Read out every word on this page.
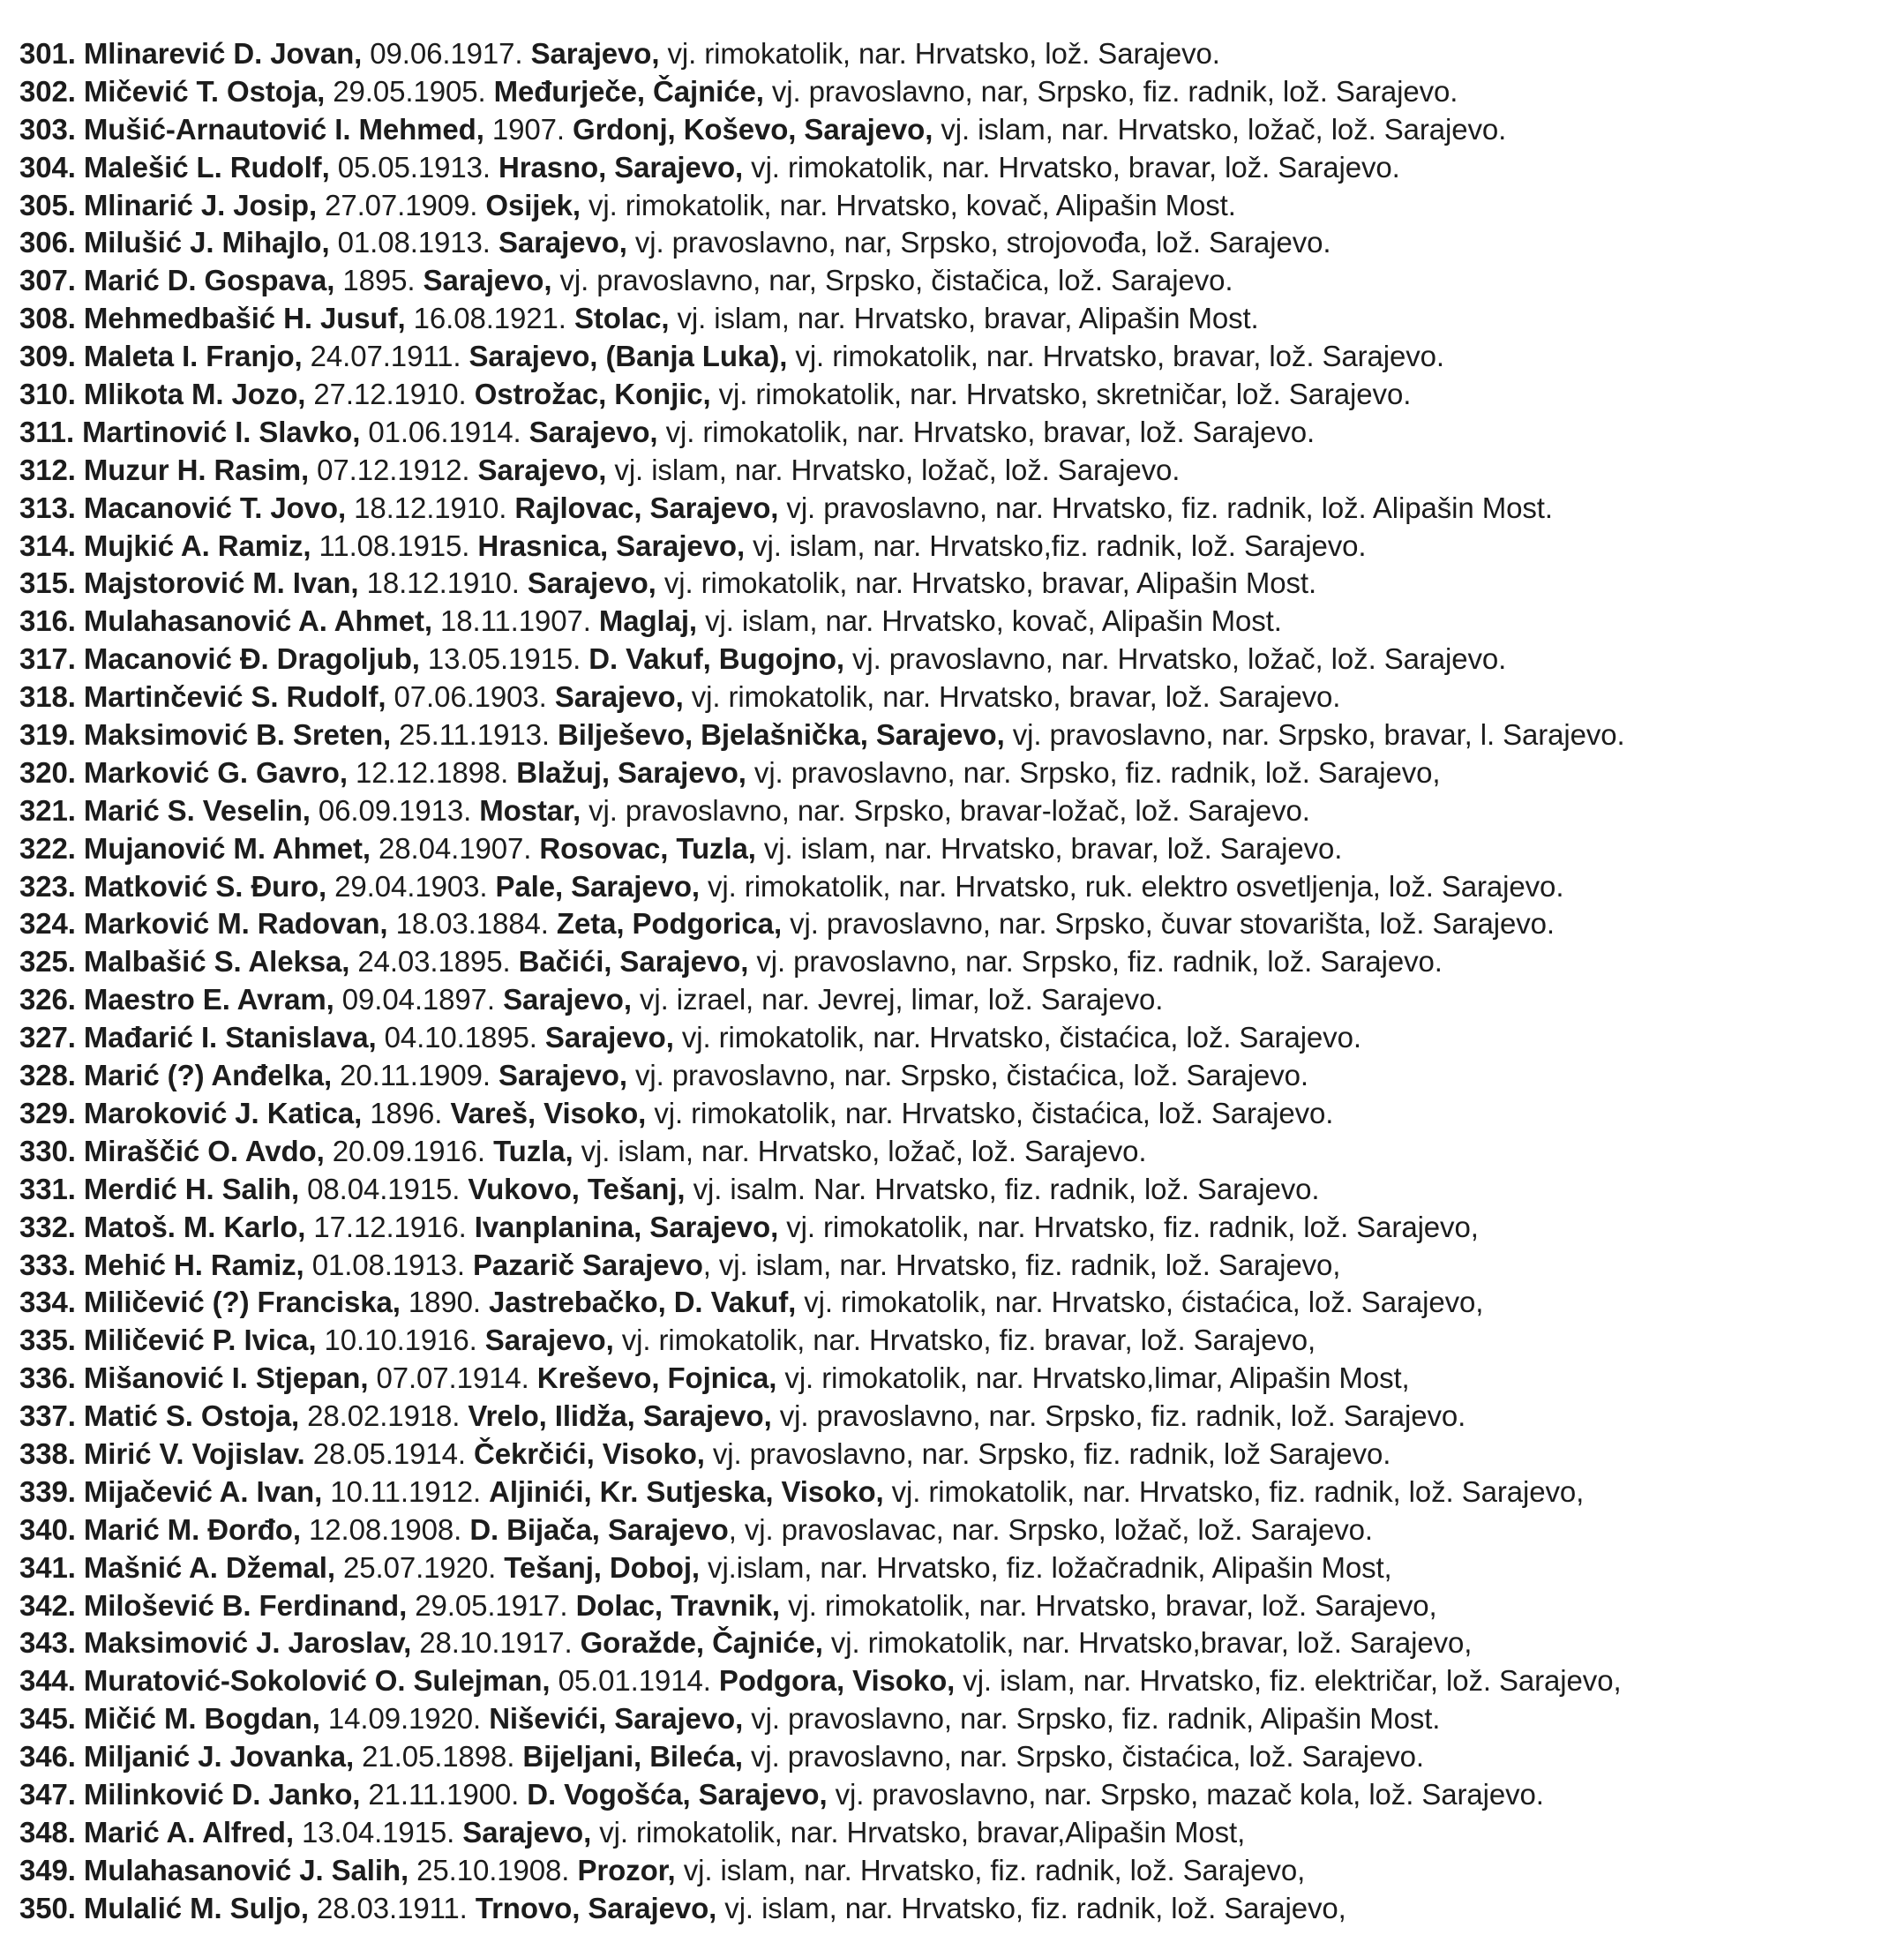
301. Mlinarević D. Jovan, 09.06.1917. Sarajevo, vj. rimokatolik, nar. Hrvatsko, lož. Sarajevo.
302. Mičević T. Ostoja, 29.05.1905. Međurječe, Čajniće, vj. pravoslavno, nar, Srpsko, fiz. radnik, lož. Sarajevo.
303. Mušić-Arnautović I. Mehmed, 1907. Grdonj, Koševo, Sarajevo, vj. islam, nar. Hrvatsko, ložač, lož. Sarajevo.
304. Malešić L. Rudolf, 05.05.1913. Hrasno, Sarajevo, vj. rimokatolik, nar. Hrvatsko, bravar, lož. Sarajevo.
305. Mlinarić J. Josip, 27.07.1909. Osijek, vj. rimokatolik, nar. Hrvatsko, kovač, Alipašin Most.
306. Milušić J. Mihajlo, 01.08.1913. Sarajevo, vj. pravoslavno, nar, Srpsko, strojovođa, lož. Sarajevo.
307. Marić D. Gospava, 1895. Sarajevo, vj. pravoslavno, nar, Srpsko, čistačica, lož. Sarajevo.
308. Mehmedbašić H. Jusuf, 16.08.1921. Stolac, vj. islam, nar. Hrvatsko, bravar, Alipašin Most.
309. Maleta I. Franjo, 24.07.1911. Sarajevo, (Banja Luka), vj. rimokatolik, nar. Hrvatsko, bravar, lož. Sarajevo.
310. Mlikota M. Jozo, 27.12.1910. Ostrožac, Konjic, vj. rimokatolik, nar. Hrvatsko, skretničar, lož. Sarajevo.
311. Martinović I. Slavko, 01.06.1914. Sarajevo, vj. rimokatolik, nar. Hrvatsko, bravar, lož. Sarajevo.
312. Muzur H. Rasim, 07.12.1912. Sarajevo, vj. islam, nar. Hrvatsko, ložač, lož. Sarajevo.
313. Macanović T. Jovo, 18.12.1910. Rajlovac, Sarajevo, vj. pravoslavno, nar. Hrvatsko, fiz. radnik, lož. Alipašin Most.
314. Mujkić A. Ramiz, 11.08.1915. Hrasnica, Sarajevo, vj. islam, nar. Hrvatsko,fiz. radnik, lož. Sarajevo.
315. Majstorović M. Ivan, 18.12.1910. Sarajevo, vj. rimokatolik, nar. Hrvatsko, bravar, Alipašin Most.
316. Mulahasanović A. Ahmet, 18.11.1907. Maglaj, vj. islam, nar. Hrvatsko, kovač, Alipašin Most.
317. Macanović Đ. Dragoljub, 13.05.1915. D. Vakuf, Bugojno, vj. pravoslavno, nar. Hrvatsko, ložač, lož. Sarajevo.
318. Martinčević S. Rudolf, 07.06.1903. Sarajevo, vj. rimokatolik, nar. Hrvatsko, bravar, lož. Sarajevo.
319. Maksimović B. Sreten, 25.11.1913. Bilješevo, Bjelašnička, Sarajevo, vj. pravoslavno, nar. Srpsko, bravar, l. Sarajevo.
320. Marković G. Gavro, 12.12.1898. Blažuj, Sarajevo, vj. pravoslavno, nar. Srpsko, fiz. radnik, lož. Sarajevo,
321. Marić S. Veselin, 06.09.1913. Mostar, vj. pravoslavno, nar. Srpsko, bravar-ložač, lož. Sarajevo.
322. Mujanović M. Ahmet, 28.04.1907. Rosovac, Tuzla, vj. islam, nar. Hrvatsko, bravar, lož. Sarajevo.
323. Matković S. Đuro, 29.04.1903. Pale, Sarajevo, vj. rimokatolik, nar. Hrvatsko, ruk. elektro osvetljenja, lož. Sarajevo.
324. Marković M. Radovan, 18.03.1884. Zeta, Podgorica, vj. pravoslavno, nar. Srpsko, čuvar stovarišta, lož. Sarajevo.
325. Malbašić S. Aleksa, 24.03.1895. Bačići, Sarajevo, vj. pravoslavno, nar. Srpsko, fiz. radnik, lož. Sarajevo.
326. Maestro E. Avram, 09.04.1897. Sarajevo, vj. izrael, nar. Jevrej, limar, lož. Sarajevo.
327. Mađarić I. Stanislava, 04.10.1895. Sarajevo, vj. rimokatolik, nar. Hrvatsko, čistaćica, lož. Sarajevo.
328. Marić (?) Anđelka, 20.11.1909. Sarajevo, vj. pravoslavno, nar. Srpsko, čistaćica, lož. Sarajevo.
329. Maroković J. Katica, 1896. Vareš, Visoko, vj. rimokatolik, nar. Hrvatsko, čistaćica, lož. Sarajevo.
330. Miraščić O. Avdo, 20.09.1916. Tuzla, vj. islam, nar. Hrvatsko, ložač, lož. Sarajevo.
331. Merdić H. Salih, 08.04.1915. Vukovo, Tešanj, vj. isalm. Nar. Hrvatsko, fiz. radnik, lož. Sarajevo.
332. Matoš. M. Karlo, 17.12.1916. Ivanplanina, Sarajevo, vj. rimokatolik, nar. Hrvatsko, fiz. radnik, lož. Sarajevo,
333. Mehić H. Ramiz, 01.08.1913. Pazarič Sarajevo, vj. islam, nar. Hrvatsko, fiz. radnik, lož. Sarajevo,
334. Miličević (?) Franciska, 1890. Jastrebačko, D. Vakuf, vj. rimokatolik, nar. Hrvatsko, ćistaćica, lož. Sarajevo,
335. Miličević P. Ivica, 10.10.1916. Sarajevo, vj. rimokatolik, nar. Hrvatsko, fiz. bravar, lož. Sarajevo,
336. Mišanović I. Stjepan, 07.07.1914. Kreševo, Fojnica, vj. rimokatolik, nar. Hrvatsko,limar, Alipašin Most,
337. Matić S. Ostoja, 28.02.1918. Vrelo, Ilidža, Sarajevo, vj. pravoslavno, nar. Srpsko, fiz. radnik, lož. Sarajevo.
338. Mirić V. Vojislav. 28.05.1914. Čekrčići, Visoko, vj. pravoslavno, nar. Srpsko, fiz. radnik, lož Sarajevo.
339. Mijačević A. Ivan, 10.11.1912. Aljinići, Kr. Sutjeska, Visoko, vj. rimokatolik, nar. Hrvatsko, fiz. radnik, lož. Sarajevo,
340. Marić M. Đorđo, 12.08.1908. D. Bijača, Sarajevo, vj. pravoslavac, nar. Srpsko, ložač, lož. Sarajevo.
341. Mašnić A. Džemal, 25.07.1920. Tešanj, Doboj, vj.islam, nar. Hrvatsko, fiz. ložačradnik, Alipašin Most,
342. Milošević B. Ferdinand, 29.05.1917. Dolac, Travnik, vj. rimokatolik, nar. Hrvatsko, bravar, lož. Sarajevo,
343. Maksimović J. Jaroslav, 28.10.1917. Goražde, Čajniće, vj. rimokatolik, nar. Hrvatsko,bravar, lož. Sarajevo,
344. Muratović-Sokolović O. Sulejman, 05.01.1914. Podgora, Visoko, vj. islam, nar. Hrvatsko, fiz. električar, lož. Sarajevo,
345. Mičić M. Bogdan, 14.09.1920. Niševići, Sarajevo, vj. pravoslavno, nar. Srpsko, fiz. radnik, Alipašin Most.
346. Miljanić J. Jovanka, 21.05.1898. Bijeljani, Bileća, vj. pravoslavno, nar. Srpsko, čistaćica, lož. Sarajevo.
347. Milinković D. Janko, 21.11.1900. D. Vogošća, Sarajevo, vj. pravoslavno, nar. Srpsko, mazač kola, lož. Sarajevo.
348. Marić A. Alfred, 13.04.1915. Sarajevo, vj. rimokatolik, nar. Hrvatsko, bravar,Alipašin Most,
349. Mulahasanović J. Salih, 25.10.1908. Prozor, vj. islam, nar. Hrvatsko, fiz. radnik, lož. Sarajevo,
350. Mulalić M. Suljo, 28.03.1911. Trnovo, Sarajevo, vj. islam, nar. Hrvatsko, fiz. radnik, lož. Sarajevo,
